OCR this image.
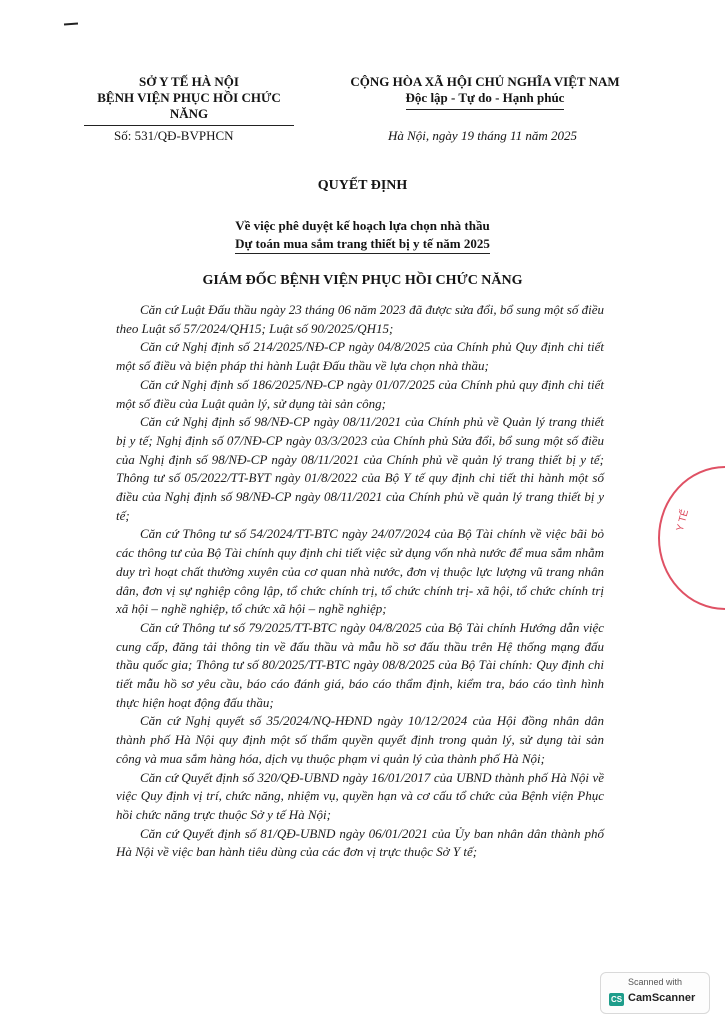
SỞ Y TẾ HÀ NỘI
BỆNH VIỆN PHỤC HỒI CHỨC NĂNG
CỘNG HÒA XÃ HỘI CHỦ NGHĨA VIỆT NAM
Độc lập - Tự do - Hạnh phúc
Số: 531/QĐ-BVPHCN	Hà Nội, ngày 19 tháng 11 năm 2025
QUYẾT ĐỊNH
Về việc phê duyệt kế hoạch lựa chọn nhà thầu
Dự toán mua sắm trang thiết bị y tế năm 2025
GIÁM ĐỐC BỆNH VIỆN PHỤC HỒI CHỨC NĂNG

Căn cứ Luật Đấu thầu ngày 23 tháng 06 năm 2023 đã được sửa đổi, bổ sung một số điều theo Luật số 57/2024/QH15; Luật số 90/2025/QH15;

Căn cứ Nghị định số 214/2025/NĐ-CP ngày 04/8/2025 của Chính phủ Quy định chi tiết một số điều và biện pháp thi hành Luật Đấu thầu về lựa chọn nhà thầu;

Căn cứ Nghị định số 186/2025/NĐ-CP ngày 01/07/2025 của Chính phủ quy định chi tiết một số điều của Luật quản lý, sử dụng tài sản công;

Căn cứ Nghị định số 98/NĐ-CP ngày 08/11/2021 của Chính phủ về Quản lý trang thiết bị y tế; Nghị định số 07/NĐ-CP ngày 03/3/2023 của Chính phủ Sửa đổi, bổ sung một số điều của Nghị định số 98/NĐ-CP ngày 08/11/2021 của Chính phủ về quản lý trang thiết bị y tế; Thông tư số 05/2022/TT-BYT ngày 01/8/2022 của Bộ Y tế quy định chi tiết thi hành một số điều của Nghị định số 98/NĐ-CP ngày 08/11/2021 của Chính phủ về quản lý trang thiết bị y tế;

Căn cứ Thông tư số 54/2024/TT-BTC ngày 24/07/2024 của Bộ Tài chính về việc bãi bỏ các thông tư của Bộ Tài chính quy định chi tiết việc sử dụng vốn nhà nước để mua sắm nhằm duy trì hoạt chất thường xuyên của cơ quan nhà nước, đơn vị thuộc lực lượng vũ trang nhân dân, đơn vị sự nghiệp công lập, tổ chức chính trị, tổ chức chính trị- xã hội, tổ chức chính trị xã hội – nghề nghiệp, tổ chức xã hội – nghề nghiệp;

Căn cứ Thông tư số 79/2025/TT-BTC ngày 04/8/2025 của Bộ Tài chính Hướng dẫn việc cung cấp, đăng tải thông tin về đấu thầu và mẫu hồ sơ đấu thầu trên Hệ thống mạng đấu thầu quốc gia; Thông tư số 80/2025/TT-BTC ngày 08/8/2025 của Bộ Tài chính: Quy định chi tiết mẫu hồ sơ yêu cầu, báo cáo đánh giá, báo cáo thẩm định, kiểm tra, báo cáo tình hình thực hiện hoạt động đấu thầu;

Căn cứ Nghị quyết số 35/2024/NQ-HĐND ngày 10/12/2024 của Hội đồng nhân dân thành phố Hà Nội quy định một số thẩm quyền quyết định trong quản lý, sử dụng tài sản công và mua sắm hàng hóa, dịch vụ thuộc phạm vi quản lý của thành phố Hà Nội;

Căn cứ Quyết định số 320/QĐ-UBND ngày 16/01/2017 của UBND thành phố Hà Nội về việc Quy định vị trí, chức năng, nhiệm vụ, quyền hạn và cơ cấu tổ chức của Bệnh viện Phục hồi chức năng trực thuộc Sở y tế Hà Nội;

Căn cứ Quyết định số 81/QĐ-UBND ngày 06/01/2021 của Ủy ban nhân dân thành phố Hà Nội về việc ban hành tiêu dùng của các đơn vị trực thuộc Sở Y tế;

Y TẾ
Scanned with
CS CamScanner
